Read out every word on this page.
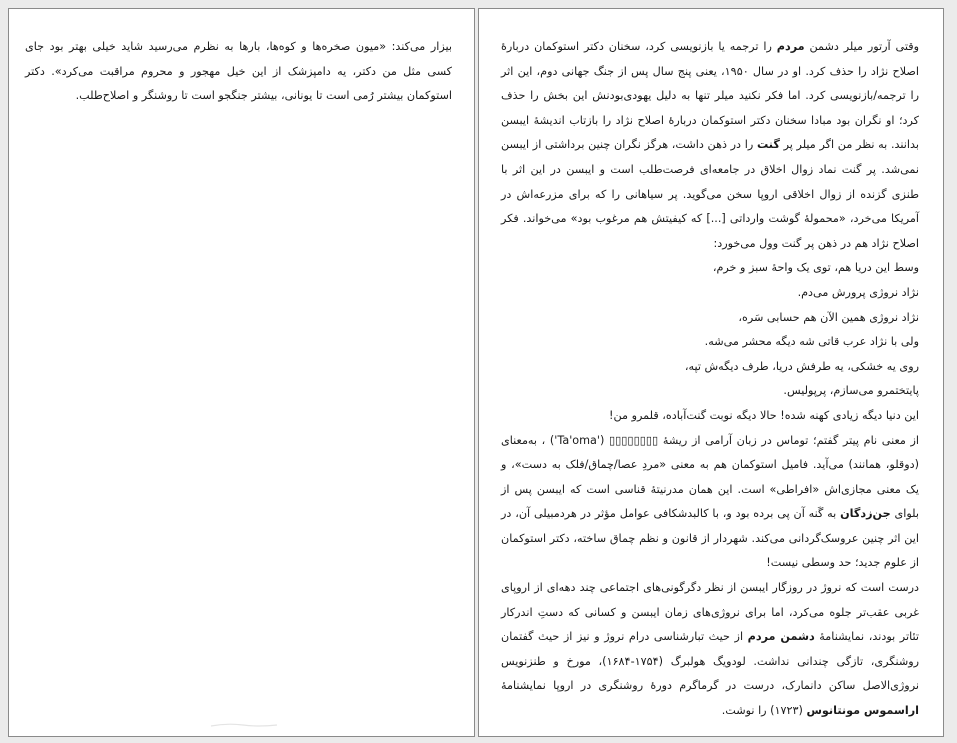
بیزار می‌کند: «میون صخره‌ها و کوه‌ها، بارها به نظرم می‌رسید شاید خیلی بهتر بود جای کسی مثل من دکتر، یه دامپزشک از این خیل مهجور و محروم مراقبت می‌کرد». دکتر استوکمان بیشتر رُمی است تا یونانی، بیشتر جنگجو است تا روشنگر و اصلاح‌طلب.

وقتی آرتور میلر دشمن مردم را ترجمه یا بازنویسی کرد، سخنان دکتر استوکمان دربارهٔ اصلاح نژاد را حذف کرد. او در سال ۱۹۵۰، یعنی پنج سال پس از جنگ جهانی دوم، این اثر را ترجمه/بازنویسی کرد. اما فکر نکنید میلر تنها به دلیل یهودی‌بودنش این بخش را حذف کرد؛ او نگران بود مبادا سخنان دکتر استوکمان دربارهٔ اصلاح نژاد را بازتاب اندیشهٔ ایبسن بدانند. به نظر من اگر میلر پر گنت را در ذهن داشت، هرگز نگران چنین برداشتی از ایبسن نمی‌شد. پر گنت نماد زوال اخلاق در جامعه‌ای فرصت‌طلب است و ایبسن در این اثر با طنزی گزنده از زوال اخلاقی اروپا سخن می‌گوید. پر سیاهانی را که برای مزرعه‌اش در آمریکا می‌خرد، «محمولهٔ گوشت وارداتی [...] که کیفیتش هم مرغوب بود» می‌خواند. فکر اصلاح نژاد هم در ذهن پر گنت وول می‌خورد:

وسط این دریا هم، توی یک واحهٔ سبز و خرم،

نژاد نروژی پرورش می‌دم.

نژاد نروژی همین الآن هم حسابی سَره،

ولی با نژاد عرب قاتی شه دیگه محشر می‌شه.

روی یه خشکی، یه طرفش دریا، طرف دیگه‌ش تپه،

پایتختمرو می‌سازم، پرپولیس.

این دنیا دیگه زیادی کهنه شده! حالا دیگه نوبت گنت‌آباده، قلمرو من!

از معنی نام پیتر گفتم؛ توماس در زبان آرامی از ریشهٔ ▯▯▯▯▯▯▯▯ ('Ta'oma') ، به‌معنای (دوقلو، همانند) می‌آید. فامیل استوکمان هم به معنی «مردِ عصا/چماق/فلک به دست»، و یک معنی مجازی‌اش «افراطی» است. این همان مدرنیتهٔ قناسی است که ایبسن پس از بلوای جن‌زدگان به گَنه آن پی برده بود و، با کالبدشکافی عوامل مؤثر در هردمبیلی آن، در این اثر چنین عروسک‌گردانی می‌کند. شهردار از قانون و نظم چماق ساخته، دکتر استوکمان از علوم جدید؛ حد وسطی نیست!

درست است که نروژ در روزگار ایبسن از نظر دگرگونی‌های اجتماعی چند دهه‌ای از اروپای غربی عقب‌تر جلوه می‌کرد، اما برای نروژی‌های زمان ایبسن و کسانی که دستِ اندرکار تئاتر بودند، نمایشنامهٔ دشمن مردم از حیث تبارشناسی درام نروژ و نیز از حیث گفتمان روشنگری، تازگی چندانی نداشت. لودویگ هولبرگ (۱۷۵۴-۱۶۸۴)، مورخ و طنزنویس نروژی‌الاصل ساکن دانمارک، درست در گرماگرم دورهٔ روشنگری در اروپا نمایشنامهٔ اراسموس مونتانوس (۱۷۲۳) را نوشت.
